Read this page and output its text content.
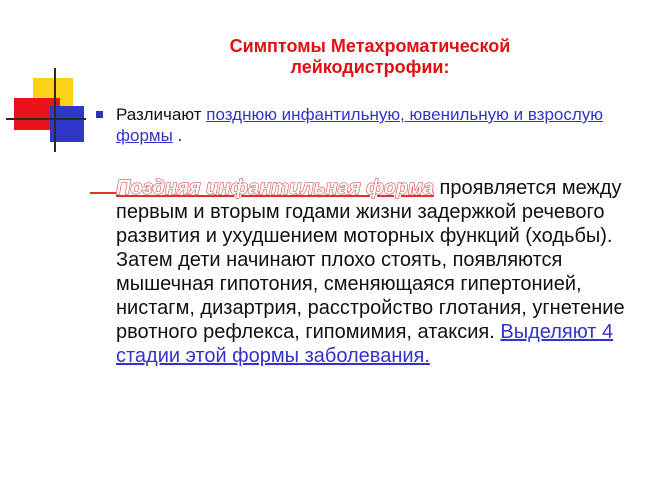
Симптомы Метахроматической
лейкодистрофии:
Различают позднюю инфантильную, ювенильную и взрослую формы .
Поздняя инфантильная форма проявляется между первым и вторым годами жизни задержкой речевого развития и ухудшением моторных функций (ходьбы). Затем дети начинают плохо стоять, появляются мышечная гипотония, сменяющаяся гипертонией, нистагм, дизартрия, расстройство глотания, угнетение рвотного рефлекса, гипомимия, атаксия. Выделяют 4 стадии этой формы заболевания.
